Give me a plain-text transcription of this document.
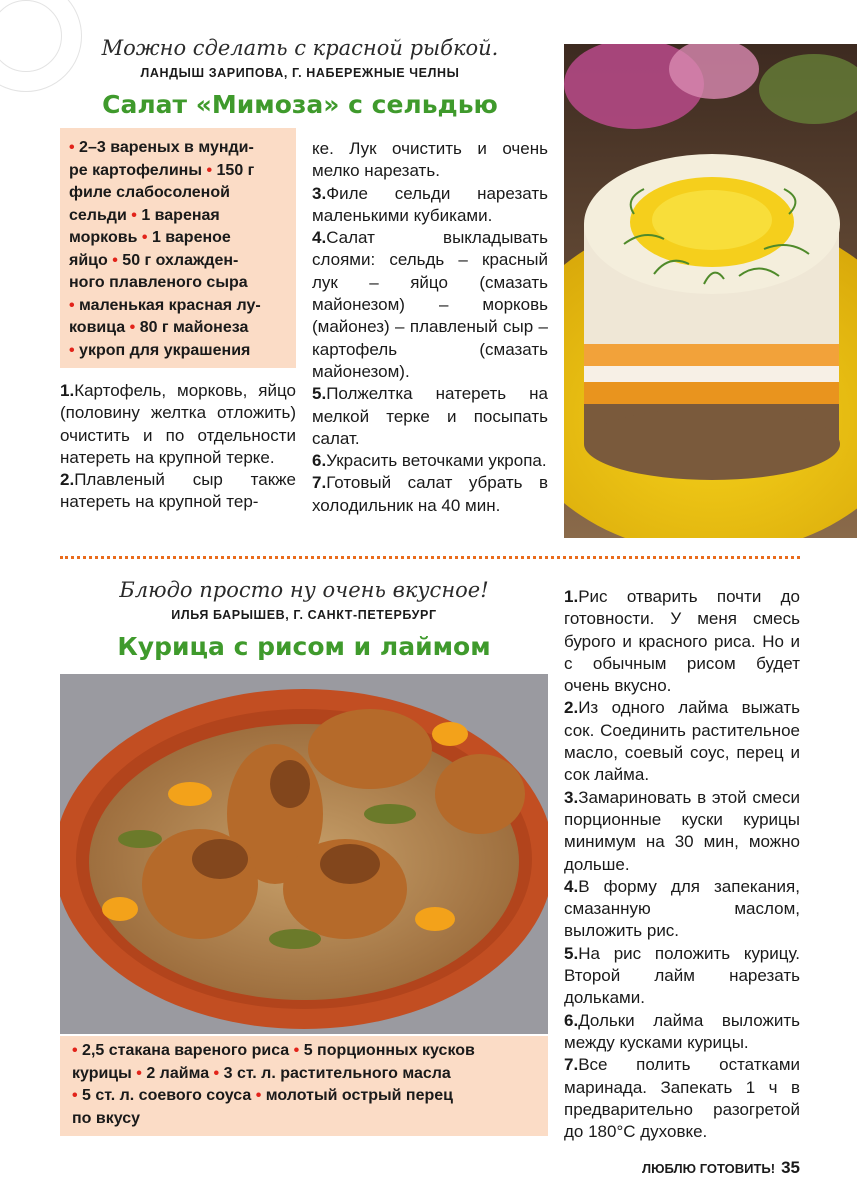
Можно сделать с красной рыбкой.
ЛАНДЫШ ЗАРИПОВА, Г. НАБЕРЕЖНЫЕ ЧЕЛНЫ
Салат «Мимоза» с сельдью
• 2–3 вареных в мунди-
ре картофелины • 150 г
филе слабосоленой
сельди • 1 вареная
морковь • 1 вареное
яйцо • 50 г охлажден-
ного плавленого сыра
• маленькая красная лу-
ковица • 80 г майонеза
• укроп для украшения

1.Картофель, морковь, яйцо (половину желтка отложить) очистить и по отдельности натереть на крупной терке.

2.Плавленый сыр также натереть на крупной тер-

ке. Лук очистить и очень мелко нарезать.

3.Филе сельди нарезать маленькими кубиками.

4.Салат выкладывать слоями: сельдь – красный лук – яйцо (смазать майонезом) – морковь (майонез) – плавленый сыр – картофель (смазать майонезом).

5.Полжелтка натереть на мелкой терке и посыпать салат.

6.Украсить веточками укропа.

7.Готовый салат убрать в холодильник на 40 мин.

Блюдо просто ну очень вкусное!
ИЛЬЯ БАРЫШЕВ, Г. САНКТ-ПЕТЕРБУРГ
Курица с рисом и лаймом
• 2,5 стакана вареного риса • 5 порционных кусков
курицы • 2 лайма • 3 ст. л. растительного масла
• 5 ст. л. соевого соуса • молотый острый перец
по вкусу

1.Рис отварить почти до готовности. У меня смесь бурого и красного риса. Но и с обычным рисом будет очень вкусно.

2.Из одного лайма выжать сок. Соединить растительное масло, соевый соус, перец и сок лайма.

3.Замариновать в этой смеси порционные куски курицы минимум на 30 мин, можно дольше.

4.В форму для запекания, смазанную маслом, выложить рис.

5.На рис положить курицу. Второй лайм нарезать дольками.

6.Дольки лайма выложить между кусками курицы.

7.Все полить остатками маринада. Запекать 1 ч в предварительно разогретой до 180°С духовке.

ЛЮБЛЮ ГОТОВИТЬ! 35
